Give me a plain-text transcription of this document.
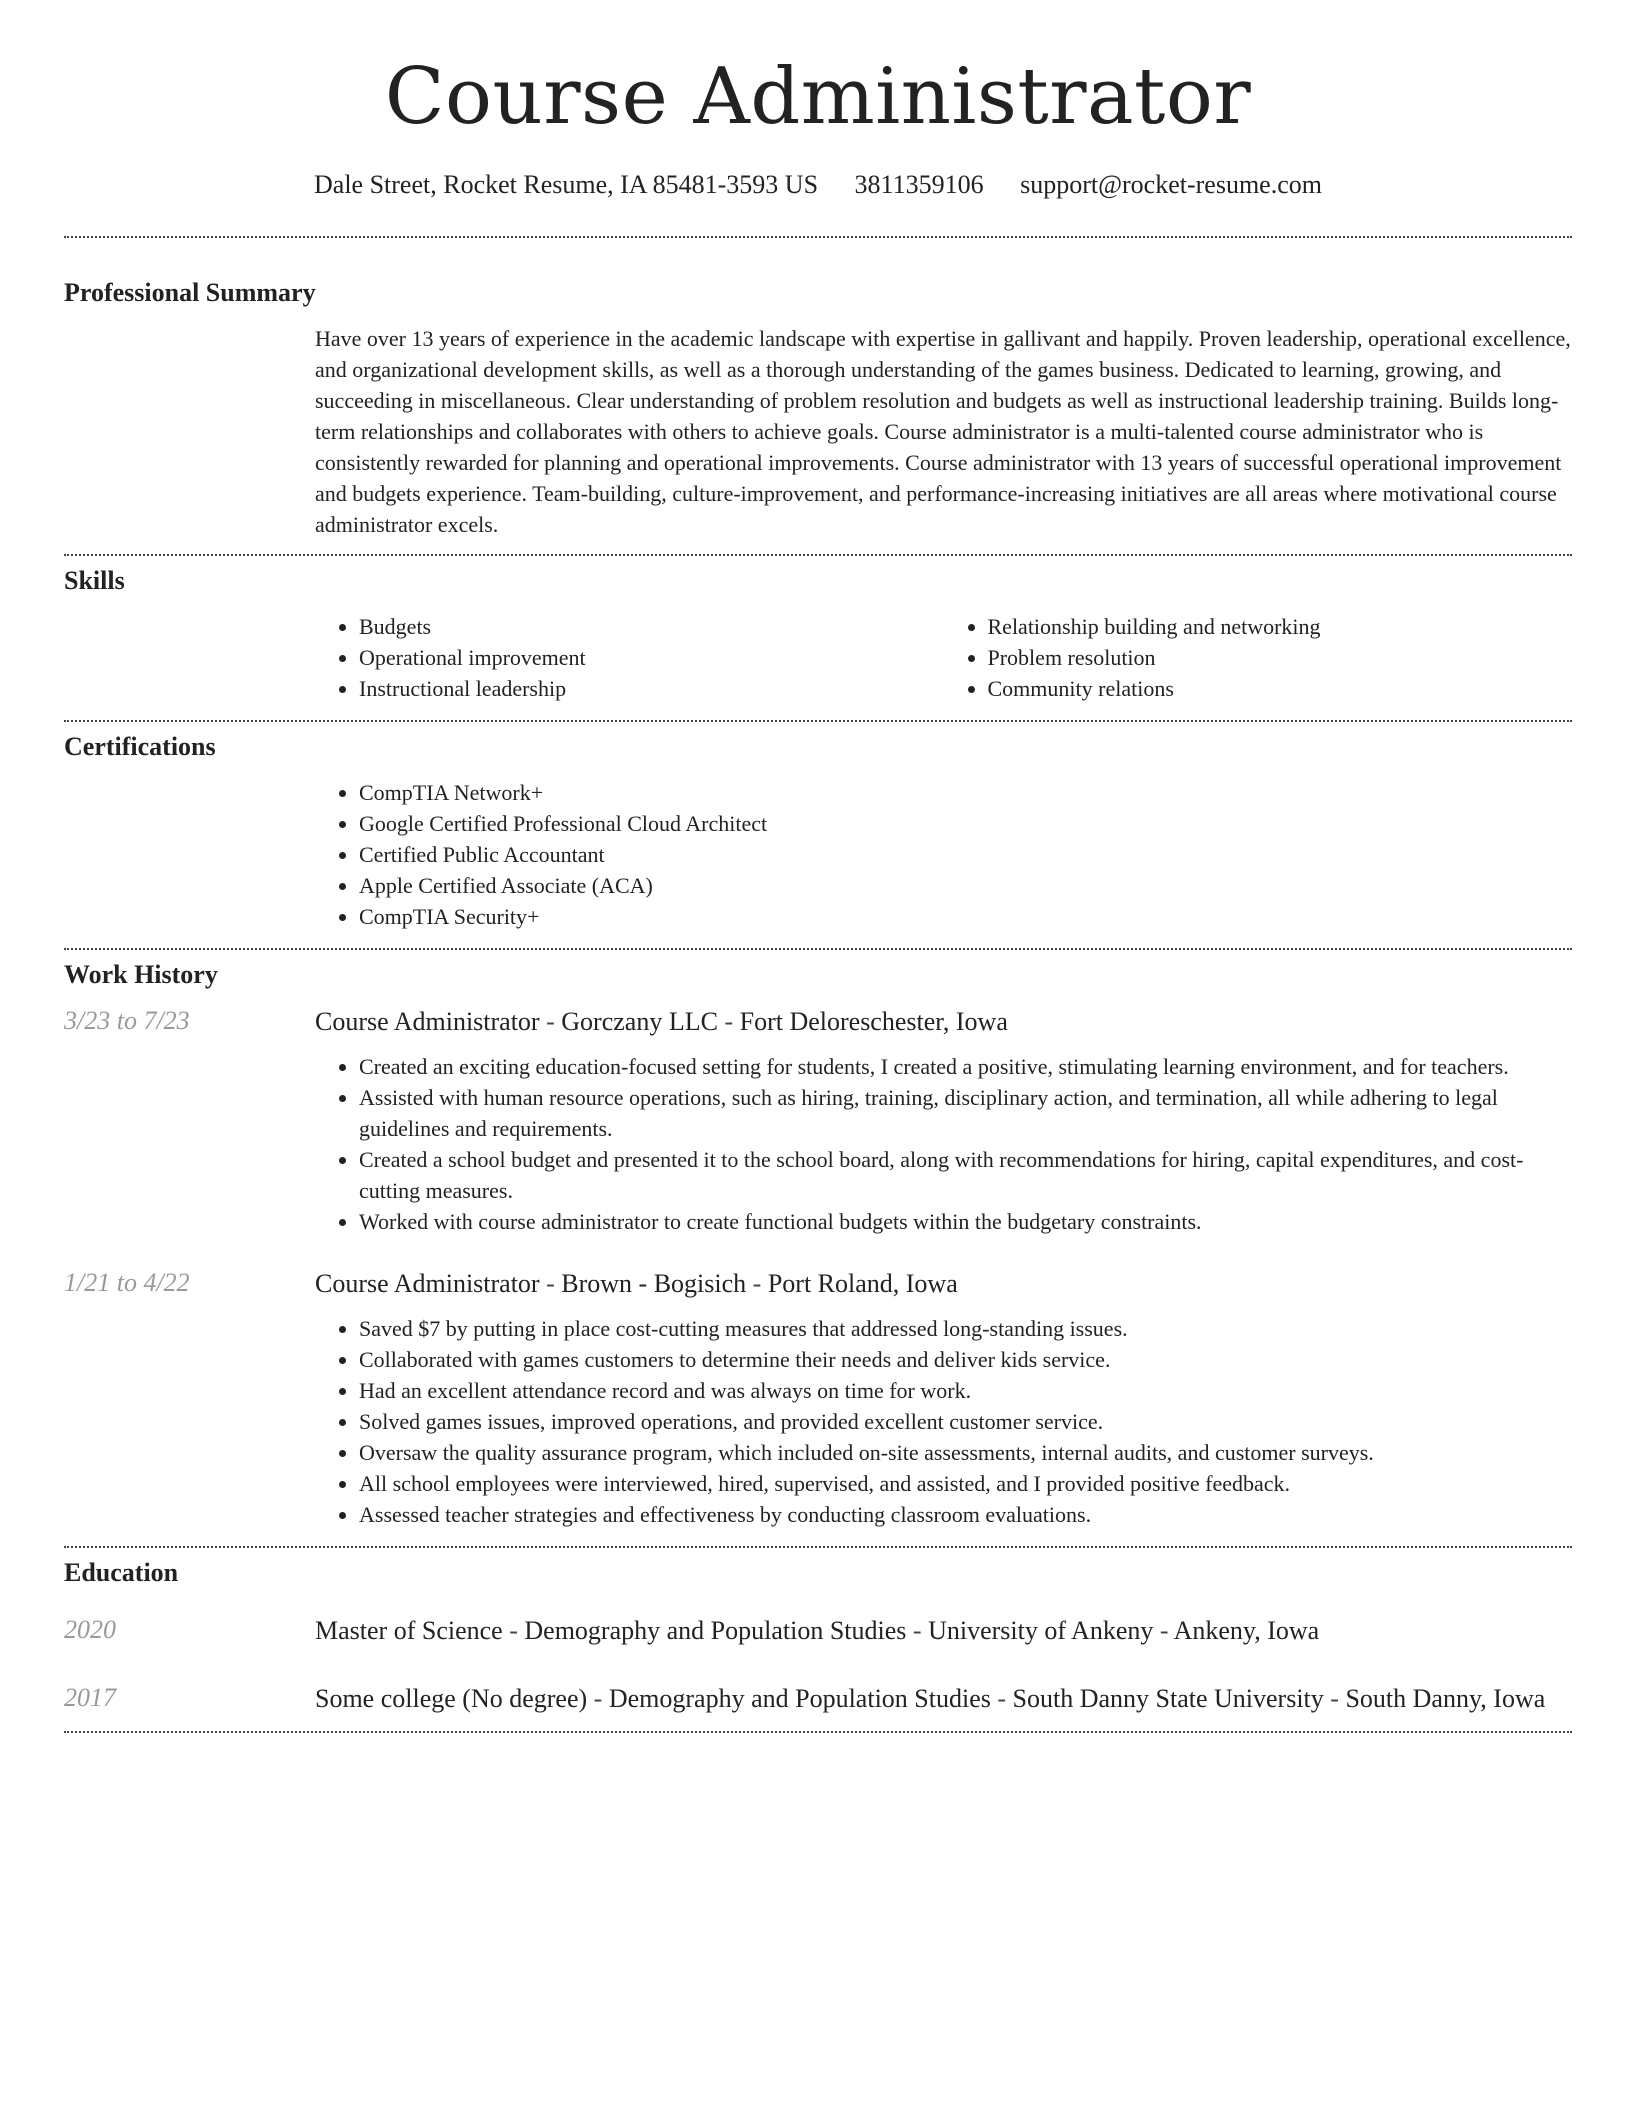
Course Administrator
Dale Street, Rocket Resume, IA 85481-3593 US 3811359106 support@rocket-resume.com
Professional Summary

Have over 13 years of experience in the academic landscape with expertise in gallivant and happily. Proven leadership, operational excellence, and organizational development skills, as well as a thorough understanding of the games business. Dedicated to learning, growing, and succeeding in miscellaneous. Clear understanding of problem resolution and budgets as well as instructional leadership training. Builds long-term relationships and collaborates with others to achieve goals. Course administrator is a multi-talented course administrator who is consistently rewarded for planning and operational improvements. Course administrator with 13 years of successful operational improvement and budgets experience. Team-building, culture-improvement, and performance-increasing initiatives are all areas where motivational course administrator excels.

Skills
• Budgets
• Operational improvement
• Instructional leadership
• Relationship building and networking
• Problem resolution
• Community relations
Certifications
• CompTIA Network+
• Google Certified Professional Cloud Architect
• Certified Public Accountant
• Apple Certified Associate (ACA)
• CompTIA Security+
Work History
3/23 to 7/23	Course Administrator - Gorczany LLC - Fort Deloreschester, Iowa
• Created an exciting education-focused setting for students, I created a positive, stimulating learning environment, and for teachers.
• Assisted with human resource operations, such as hiring, training, disciplinary action, and termination, all while adhering to legal guidelines and requirements.
• Created a school budget and presented it to the school board, along with recommendations for hiring, capital expenditures, and cost-cutting measures.
• Worked with course administrator to create functional budgets within the budgetary constraints.
1/21 to 4/22	Course Administrator - Brown - Bogisich - Port Roland, Iowa
• Saved $7 by putting in place cost-cutting measures that addressed long-standing issues.
• Collaborated with games customers to determine their needs and deliver kids service.
• Had an excellent attendance record and was always on time for work.
• Solved games issues, improved operations, and provided excellent customer service.
• Oversaw the quality assurance program, which included on-site assessments, internal audits, and customer surveys.
• All school employees were interviewed, hired, supervised, and assisted, and I provided positive feedback.
• Assessed teacher strategies and effectiveness by conducting classroom evaluations.
Education
2020	Master of Science - Demography and Population Studies - University of Ankeny - Ankeny, Iowa
2017	Some college (No degree) - Demography and Population Studies - South Danny State University - South Danny, Iowa
